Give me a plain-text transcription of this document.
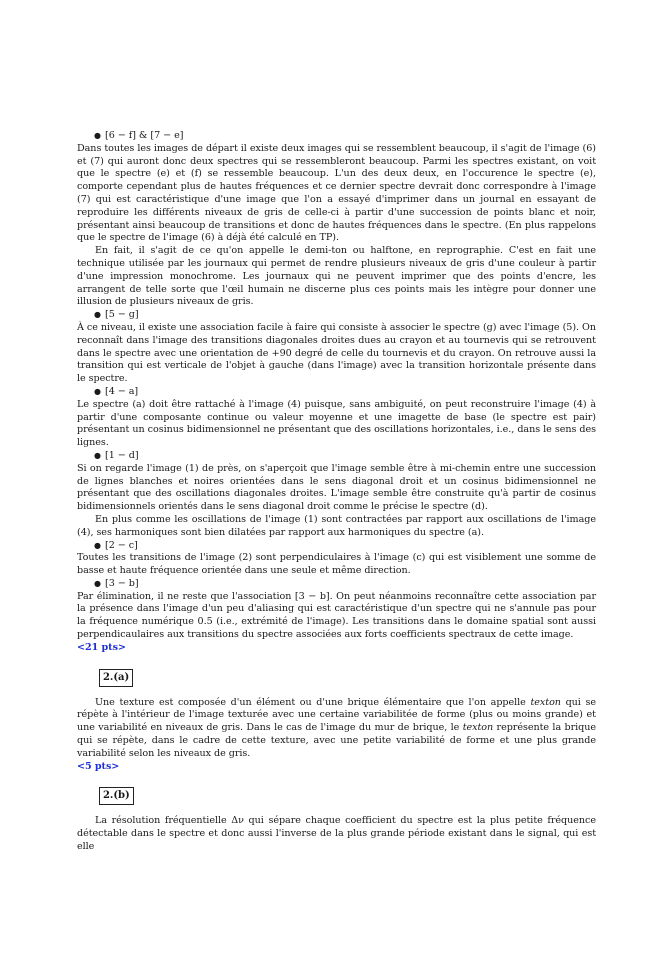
● [6 − f] & [7 − e]

Dans toutes les images de départ il existe deux images qui se ressemblent beaucoup, il s'agit de l'image (6) et (7) qui auront donc deux spectres qui se ressembleront beaucoup. Parmi les spectres existant, on voit que le spectre (e) et (f) se ressemble beaucoup. L'un des deux deux, en l'occurence le spectre (e), comporte cependant plus de hautes fréquences et ce dernier spectre devrait donc correspondre à l'image (7) qui est caractéristique d'une image que l'on a essayé d'imprimer dans un journal en essayant de reproduire les différents niveaux de gris de celle-ci à partir d'une succession de points blanc et noir, présentant ainsi beaucoup de transitions et donc de hautes fréquences dans le spectre. (En plus rappelons que le spectre de l'image (6) à déjà été calculé en TP).

En fait, il s'agit de ce qu'on appelle le demi-ton ou halftone, en reprographie. C'est en fait une technique utilisée par les journaux qui permet de rendre plusieurs niveaux de gris d'une couleur à partir d'une impression monochrome. Les journaux qui ne peuvent imprimer que des points d'encre, les arrangent de telle sorte que l'œil humain ne discerne plus ces points mais les intègre pour donner une illusion de plusieurs niveaux de gris.

● [5 − g]

À ce niveau, il existe une association facile à faire qui consiste à associer le spectre (g) avec l'image (5). On reconnaît dans l'image des transitions diagonales droites dues au crayon et au tournevis qui se retrouvent dans le spectre avec une orientation de +90 degré de celle du tournevis et du crayon. On retrouve aussi la transition qui est verticale de l'objet à gauche (dans l'image) avec la transition horizontale présente dans le spectre.

● [4 − a]

Le spectre (a) doit être rattaché à l'image (4) puisque, sans ambiguité, on peut reconstruire l'image (4) à partir d'une composante continue ou valeur moyenne et une imagette de base (le spectre est pair) présentant un cosinus bidimensionnel ne présentant que des oscillations horizontales, i.e., dans le sens des lignes.

● [1 − d]

Si on regarde l'image (1) de près, on s'aperçoit que l'image semble être à mi-chemin entre une succession de lignes blanches et noires orientées dans le sens diagonal droit et un cosinus bidimensionnel ne présentant que des oscillations diagonales droites. L'image semble être construite qu'à partir de cosinus bidimensionnels orientés dans le sens diagonal droit comme le précise le spectre (d).

En plus comme les oscillations de l'image (1) sont contractées par rapport aux oscillations de l'image (4), ses harmoniques sont bien dilatées par rapport aux harmoniques du spectre (a).

● [2 − c]

Toutes les transitions de l'image (2) sont perpendiculaires à l'image (c) qui est visiblement une somme de basse et haute fréquence orientée dans une seule et même direction.

● [3 − b]

Par élimination, il ne reste que l'association [3 − b]. On peut néanmoins reconnaître cette association par la présence dans l'image d'un peu d'aliasing qui est caractéristique d'un spectre qui ne s'annule pas pour la fréquence numérique 0.5 (i.e., extrémité de l'image). Les transitions dans le domaine spatial sont aussi perpendicaulaires aux transitions du spectre associées aux forts coefficients spectraux de cette image.

<21 pts>

2.(a)

Une texture est composée d'un élément ou d'une brique élémentaire que l'on appelle texton qui se répète à l'intérieur de l'image texturée avec une certaine variabilitée de forme (plus ou moins grande) et une variabilité en niveaux de gris. Dans le cas de l'image du mur de brique, le texton représente la brique qui se répète, dans le cadre de cette texture, avec une petite variabilité de forme et une plus grande variabilité selon les niveaux de gris.

<5 pts>

2.(b)

La résolution fréquentielle Δν qui sépare chaque coefficient du spectre est la plus petite fréquence détectable dans le spectre et donc aussi l'inverse de la plus grande période existant dans le signal, qui est elle
